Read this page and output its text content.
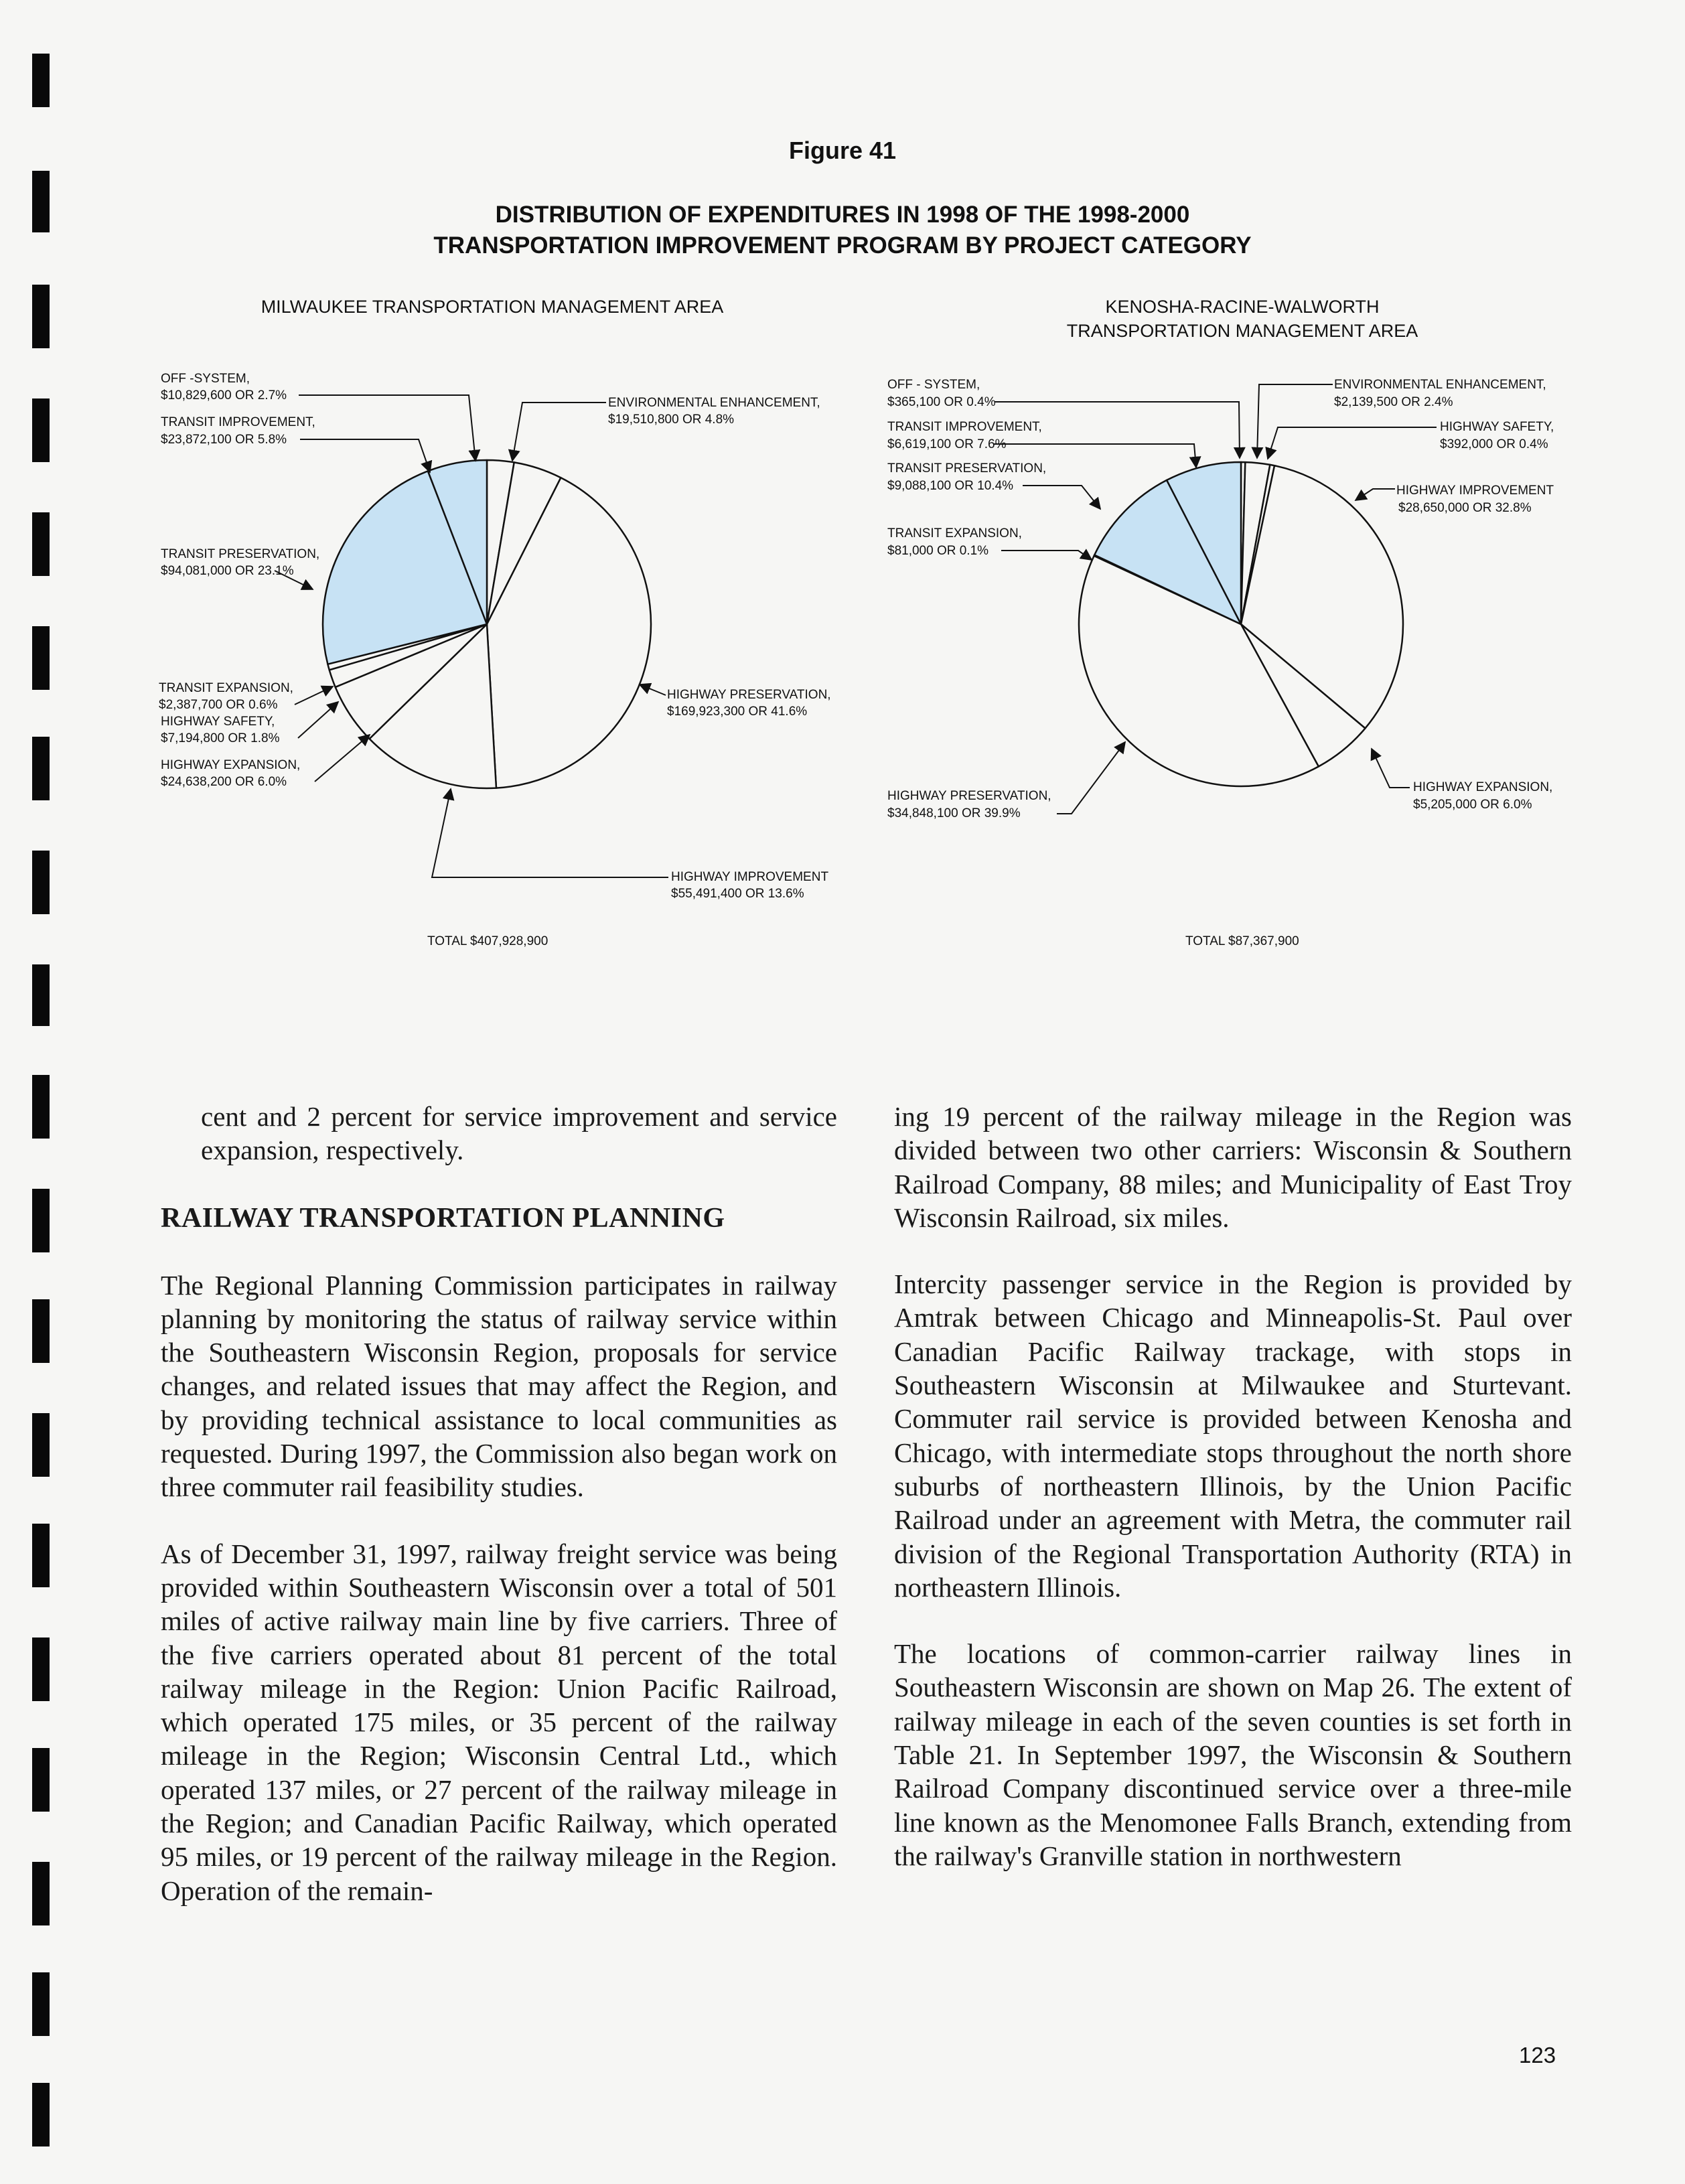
Figure 41
DISTRIBUTION OF EXPENDITURES IN 1998 OF THE 1998-2000
TRANSPORTATION IMPROVEMENT PROGRAM BY PROJECT CATEGORY
MILWAUKEE TRANSPORTATION MANAGEMENT AREA	KENOSHA-RACINE-WALWORTH
TRANSPORTATION MANAGEMENT AREA
OFF -SYSTEM,
$10,829,600 OR 2.7%
TRANSIT IMPROVEMENT,
$23,872,100 OR 5.8%
ENVIRONMENTAL ENHANCEMENT,
$19,510,800 OR 4.8%
TRANSIT PRESERVATION,
$94,081,000 OR 23.1%
TRANSIT EXPANSION,
$2,387,700 OR 0.6%
HIGHWAY SAFETY,
$7,194,800 OR 1.8%
HIGHWAY EXPANSION,
$24,638,200 OR 6.0%
HIGHWAY PRESERVATION,
$169,923,300 OR 41.6%
HIGHWAY IMPROVEMENT
$55,491,400 OR 13.6%
OFF - SYSTEM,
$365,100 OR 0.4%
TRANSIT IMPROVEMENT,
$6,619,100 OR 7.6%
TRANSIT PRESERVATION,
$9,088,100 OR 10.4%
TRANSIT EXPANSION,
$81,000 OR 0.1%
ENVIRONMENTAL ENHANCEMENT,
$2,139,500 OR 2.4%
HIGHWAY SAFETY,
$392,000 OR 0.4%
HIGHWAY IMPROVEMENT
$28,650,000 OR 32.8%
HIGHWAY PRESERVATION,
$34,848,100 OR 39.9%
HIGHWAY EXPANSION,
$5,205,000 OR 6.0%
TOTAL $407,928,900	TOTAL $87,367,900

cent and 2 percent for service improvement and service expansion, respectively.

RAILWAY TRANSPORTATION PLANNING

The Regional Planning Commission participates in railway planning by monitoring the status of railway service within the Southeastern Wisconsin Region, proposals for service changes, and related issues that may affect the Region, and by providing technical assistance to local communities as requested. During 1997, the Commission also began work on three commuter rail feasibility studies.

As of December 31, 1997, railway freight service was being provided within Southeastern Wisconsin over a total of 501 miles of active railway main line by five carriers. Three of the five carriers operated about 81 percent of the total railway mileage in the Region: Union Pacific Railroad, which operated 175 miles, or 35 percent of the railway mileage in the Region; Wisconsin Central Ltd., which operated 137 miles, or 27 percent of the railway mileage in the Region; and Canadian Pacific Railway, which operated 95 miles, or 19 percent of the railway mileage in the Region. Operation of the remain-

ing 19 percent of the railway mileage in the Region was divided between two other carriers: Wisconsin & Southern Railroad Company, 88 miles; and Municipality of East Troy Wisconsin Railroad, six miles.

Intercity passenger service in the Region is provided by Amtrak between Chicago and Minneapolis-St. Paul over Canadian Pacific Railway trackage, with stops in Southeastern Wisconsin at Milwaukee and Sturtevant. Commuter rail service is provided between Kenosha and Chicago, with intermediate stops throughout the north shore suburbs of northeastern Illinois, by the Union Pacific Railroad under an agreement with Metra, the commuter rail division of the Regional Transportation Authority (RTA) in northeastern Illinois.

The locations of common-carrier railway lines in Southeastern Wisconsin are shown on Map 26. The extent of railway mileage in each of the seven counties is set forth in Table 21. In September 1997, the Wisconsin & Southern Railroad Company discontinued service over a three-mile line known as the Menomonee Falls Branch, extending from the railway's Granville station in northwestern

123
